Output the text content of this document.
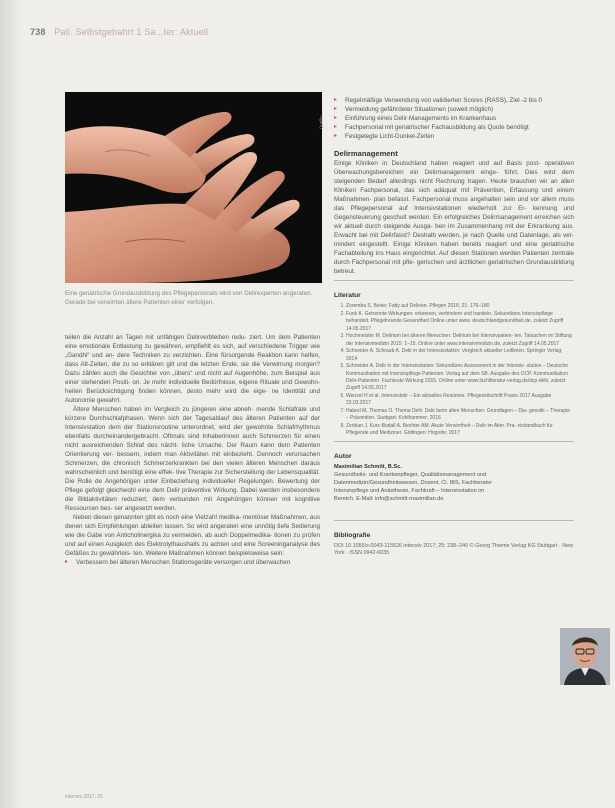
738 Pall. Selbstgebahrt 1 Sa...ter: Aktuell
Quelle: ...
Eine geriatrische Grundausbildung des Pflegepersonals wird von Delirexperten angeraten. Gerade bei verwirrten ältere Patienten einer verfolgen.

teilen die Anzahl an Tagen mit unfähigen Delirverbleiben redu- ziert. Um dem Patienten eine emotionale Entlastung zu gewähren, empfiehlt es sich, auf verschiedene Trigger wie „Gandhi“ und an- dere Techniken zu verzichten. Eine fürsorgende Reaktion kann helfen, dass Alt-Zeiten, die zu so erklären gilt und die letzten Ende, sie die Verwirrung morgen? Dazu zählen auch die Gesichter von „übers“ und nicht auf Augenhöhe, zum Beispiel aus einer stehenden Positi- on. Je mehr individuelle Bedürfnisse, eigene Rituale und Gewohn- heiten Berücksichtigung finden können, desto mehr wird die eige- ne Identität und Autonomie gewahrt.

Ältere Menschen haben im Vergleich zu jüngeren eine abneh- mende Schlafrate und kürzere Durchschlafphasen. Wenn sich der Tagesablauf des älteren Patienten auf der Intensivstation dem der Stationsroutine unterordnet, wird der gewohnte Schlafrhythmus ebenfalls durcheinandergebracht. Oftmals sind Inhaberinnen auch Schmerzen für einen nicht ausreichenden Schlaf des nächt- liche Ursache. Der Raum kann dem Patienten Orientierung ver- bessern, indem man Aktivitäten mit einbezieht. Dennoch verursachen Schmerzen, die chronisch Schmerzerkrankten bei den vielen älteren Menschen daraus wahrscheinlich und benötigt eine effek- tive Therapie zur Sicherstellung der Lebensqualität. Die Rolle de Angehörigen unter Einbeziehung individueller Regelungen. Bewertung der Pflege gefolgt gleichwohl eine dem Delir präventive Wirkung. Dabei werden insbesondere die Bildaktivitäten reduziert; dem verbunden mit Angehörigen können mit kognitive Ressourcen bes- ser angesetzt werden.

Neben diesen genannten gibt es noch eine Vielzahl medika- mentöser Maßnahmen, aus denen sich Empfehlungen ableiten lassen. So wird angeraten eine unnötig tiefe Sedierung wie die Gabe von Anticholinergika zu vermeiden, ab auch Doppelmedika- tionen zu prüfen und auf einen Ausgleich des Elektrolythaushalts zu achten und eine Screeninganalyse des Gefäßes zu gewährleis- ten. Weitere Maßnahmen können beispielsweise sein:

▸ Verbessern bei älteren Menschen Stationsgeräte versorgen und überwachen
▸ Regelmäßige Verwendung von validierten Scores (RASS), Ziel -2 bis 0
▸ Vermeidung gefährdeter Situationen (soweit möglich)
▸ Einführung eines Delir-Managements im Krankenhaus
▸ Fachpersonal mit geriatrischer Fachausbildung als Quote benötigt
▸ Festgelegte Licht-Dunkel-Zeiten
Delirmanagement

Einige Kliniken in Deutschland haben reagiert und auf Basis post- operativen Überwachungsbereichen ein Delirmanagement einge- führt. Dies wird dem steigenden Bedarf allerdings nicht Rechnung tragen. Heute brauchen wir an allen Kliniken Fachpersonal, das sich adäquat mit Prävention, Erfassung und einem Maßnahmen- plan befasst. Fachpersonal muss angehalten sein und vor allem muss das Pflegepersonal auf Intensivstationen wiederholt zur Er- kennung und Gegensteuerung geschult werden. Ein erfolgreiches Delirmanagement erreichen sich wir aktuell durch steigende Ausga- ben im Zusammenhang mit der Erkrankung aus. Erwacht bei mit Delirfasst? Deshalb werden, je nach Quelle und Datenlage, als ver- mindert eingestellt. Einige Kliniken haben bereits reagiert und eine geriatrische Fachabteilung ins Haus eingerichtet. Auf diesen Stationen werden Patienten zentrale durch Fachpersonal mit pfle- gerischen und ärztlichen geriatrischen Grundausbildung betreut.

Literatur
1. Zoremba S, Beise; Fatty auf Delirien. Pflegen 2016; 21: 176–180
2. Funk K. Getrennte Wirkungen: erkennen, verhindern und handeln. Sekundäres Intensivpflege behandelt. Pflegefreunde Gesundheit Online unter www. deutschlandgesundheit.de, zuletzt Zugriff 14.05.2017
3. Hochmeister M. Delirium bei älteren Menschen: Delirium bei Intensivpatien- ten. Tatsachen im Stiftung der Intensivmedizin 2015: 1–15. Online unter www.intensivmedizin.de, zuletzt Zugriff 14.05.2017
4. Schneider A, Schraub A. Delir in der Intensivstation: Vergleich aktueller Leitlinien. Springer Verlag; 2014
5. Schneider A. Delir in der Intensivstation: Sekundäres Assessment in der Intensiv- station – Deutsche Kommunikation mit Intensivpflege Patienten. Verlag auf dem SB. Ausgabe des DCP. Kommunikation Delir-Patienten. Fachleute Wirkung 2015. Online unter www.fachliteratur-verlag.de/dcp-delir, zuletzt Zugriff 14.05.2017
6. Wenzel H et al. Intensivdelir – Ein aktuelles Resümee. Pflegezeitschrift Praxis 2017 Ausgabe 23.03.2017
7. Haberl M, Thomas O. Thema Delir. Delir beim alten Menschen: Grundlagen – Dia- gnostik – Therapie – Prävention. Stuttgart: Kohlhammer; 2016
8. Zerbian J, Kurz-Bodall A, Bechter AM. Akute Verwirrtheit – Delir im Alter. Pra- xishandbuch für Pflegende und Mediziner. Göttingen: Hogrefe; 2017
Autor
Maximilian Schmitt, B.Sc.
Gesundheits- und Krankenpfleger, Qualitätsmanagement und Datenmedizin/Gesundheitswesen, Dozent, Cl. IBS, Fachberater Intensivpflege und Anästhesie, Fachkraft – Intensivstation im Bereich. E-Mail: info@schmitt-maximilian.de
Bibliografie
DOI 10.1055/s-0043-115526 intensiv 2017; 25: 238–240 © Georg Thieme Verlag KG Stuttgart · New York · ISSN 0942-6035
intensiv 2017; 25
